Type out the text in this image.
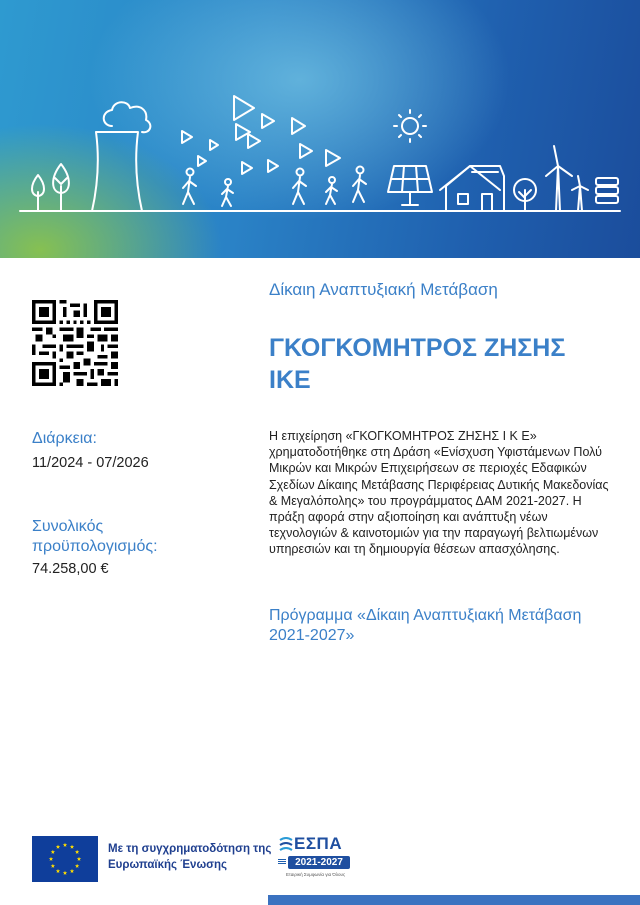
Δίκαιη Αναπτυξιακή Μετάβαση

ΓΚΟΓΚΟΜΗΤΡΟΣ ΖΗΣΗΣ ΙΚΕ

Η επιχείρηση «ΓΚΟΓΚΟΜΗΤΡΟΣ ΖΗΣΗΣ Ι Κ Ε» χρηματοδοτήθηκε στη Δράση «Ενίσχυση Υφιστάμενων Πολύ Μικρών και Μικρών Επιχειρήσεων σε περιοχές Εδαφικών Σχεδίων Δίκαιης Μετάβασης Περιφέρειας Δυτικής Μακεδονίας & Μεγαλόπολης» του προγράμματος ΔΑΜ 2021-2027. Η πράξη αφορά στην αξιοποίηση και ανάπτυξη νέων τεχνολογιών & καινοτομιών για την παραγωγή βελτιωμένων υπηρεσιών και τη δημιουργία θέσεων απασχόλησης.

Πρόγραμμα «Δίκαιη Αναπτυξιακή Μετάβαση 2021-2027»

Διάρκεια:

11/2024 - 07/2026

Συνολικός προϋπολογισμός:

74.258,00 €

Με τη συγχρηματοδότηση της Ευρωπαϊκής Ένωσης
ΕΣΠΑ
2021-2027
Εταιρική Συμφωνία για Όλους
